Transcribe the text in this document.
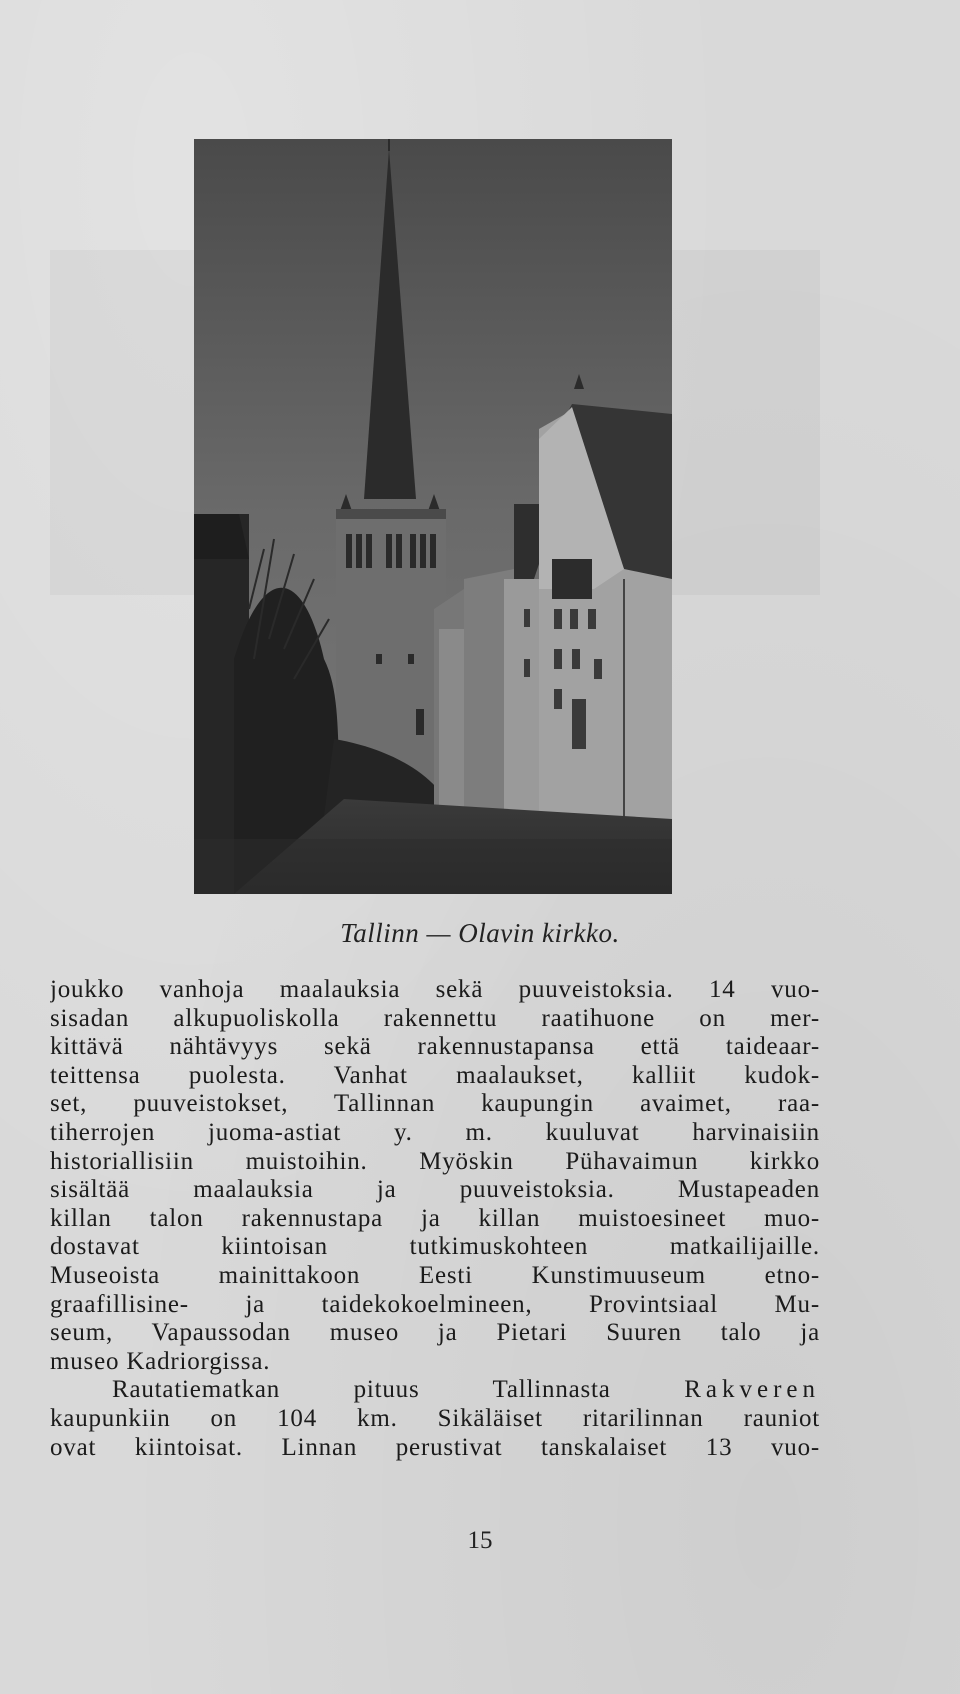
Tallinn — Olavin kirkko.
joukko vanhoja maalauksia sekä puuveistoksia. 14 vuo-
sisadan alkupuoliskolla rakennettu raatihuone on mer-
kittävä nähtävyys sekä rakennustapansa että taideaar-
teittensa puolesta. Vanhat maalaukset, kalliit kudok-
set, puuveistokset, Tallinnan kaupungin avaimet, raa-
tiherrojen juoma-astiat y. m. kuuluvat harvinaisiin
historiallisiin muistoihin. Myöskin Pühavaimun kirkko
sisältää maalauksia ja puuveistoksia. Mustapeaden
killan talon rakennustapa ja killan muistoesineet muo-
dostavat kiintoisan tutkimuskohteen matkailijaille.
Museoista mainittakoon Eesti Kunstimuuseum etno-
graafillisine- ja taidekokoelmineen, Provintsiaal Mu-
seum, Vapaussodan museo ja Pietari Suuren talo ja
museo Kadriorgissa.
Rautatiematkan pituus Tallinnasta	Rakveren
kaupunkiin on 104 km. Sikäläiset ritarilinnan rauniot
ovat kiintoisat. Linnan perustivat tanskalaiset 13 vuo-
15
